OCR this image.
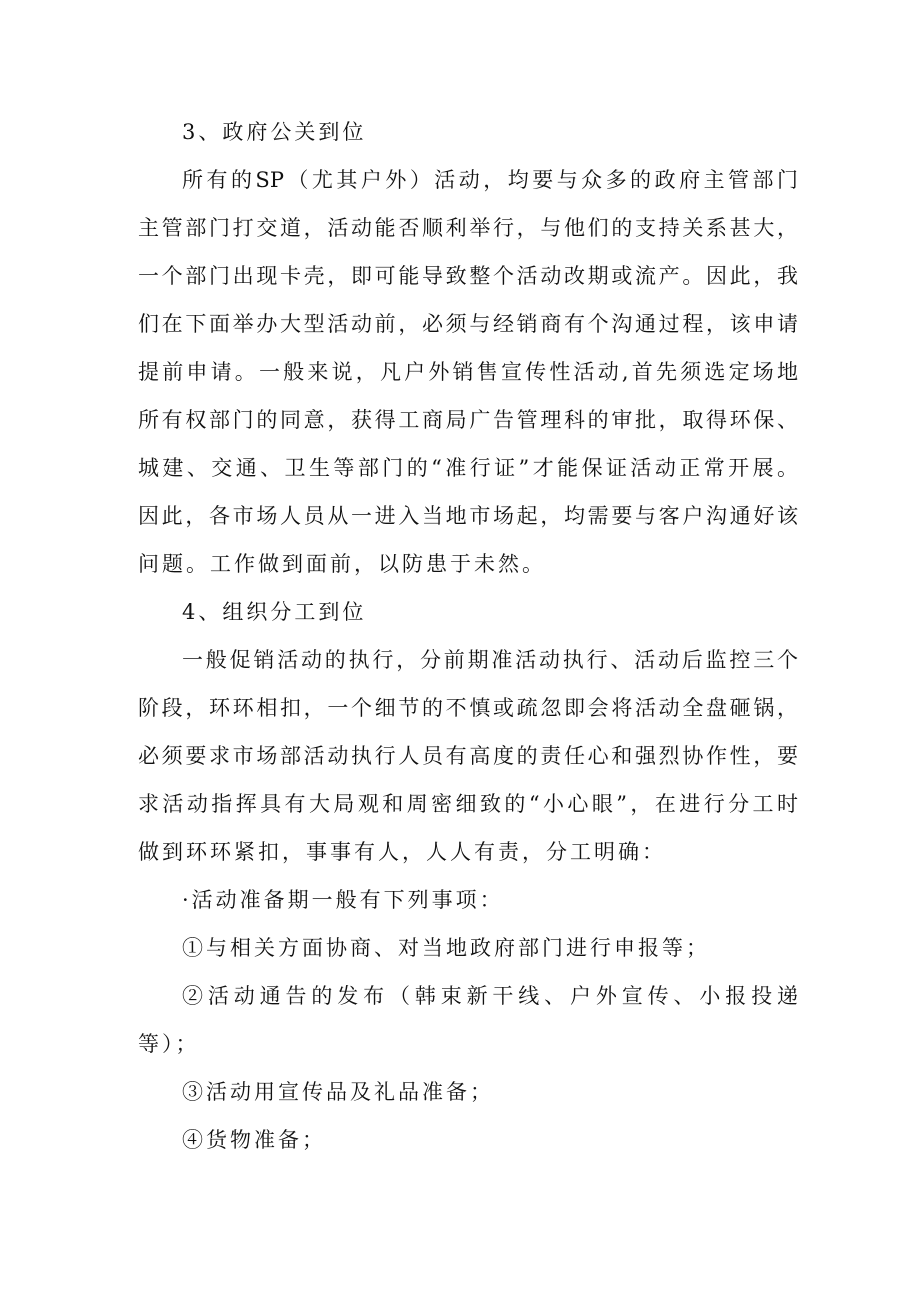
3、政府公关到位
所有的SP（尤其户外）活动，均要与众多的政府主管部门
主管部门打交道，活动能否顺利举行，与他们的支持关系甚大，
一个部门出现卡壳，即可能导致整个活动改期或流产。因此，我
们在下面举办大型活动前，必须与经销商有个沟通过程，该申请
提前申请。一般来说，凡户外销售宣传性活动,首先须选定场地
所有权部门的同意，获得工商局广告管理科的审批，取得环保、
城建、交通、卫生等部门的“准行证”才能保证活动正常开展。
因此，各市场人员从一进入当地市场起，均需要与客户沟通好该
问题。工作做到面前，以防患于未然。
4、组织分工到位
一般促销活动的执行，分前期准活动执行、活动后监控三个
阶段，环环相扣，一个细节的不慎或疏忽即会将活动全盘砸锅，
必须要求市场部活动执行人员有高度的责任心和强烈协作性，要
求活动指挥具有大局观和周密细致的“小心眼”，在进行分工时
做到环环紧扣，事事有人，人人有责，分工明确：
·活动准备期一般有下列事项：
①与相关方面协商、对当地政府部门进行申报等；
②活动通告的发布（韩束新干线、户外宣传、小报投递
等）；
③活动用宣传品及礼品准备；
④货物准备；
